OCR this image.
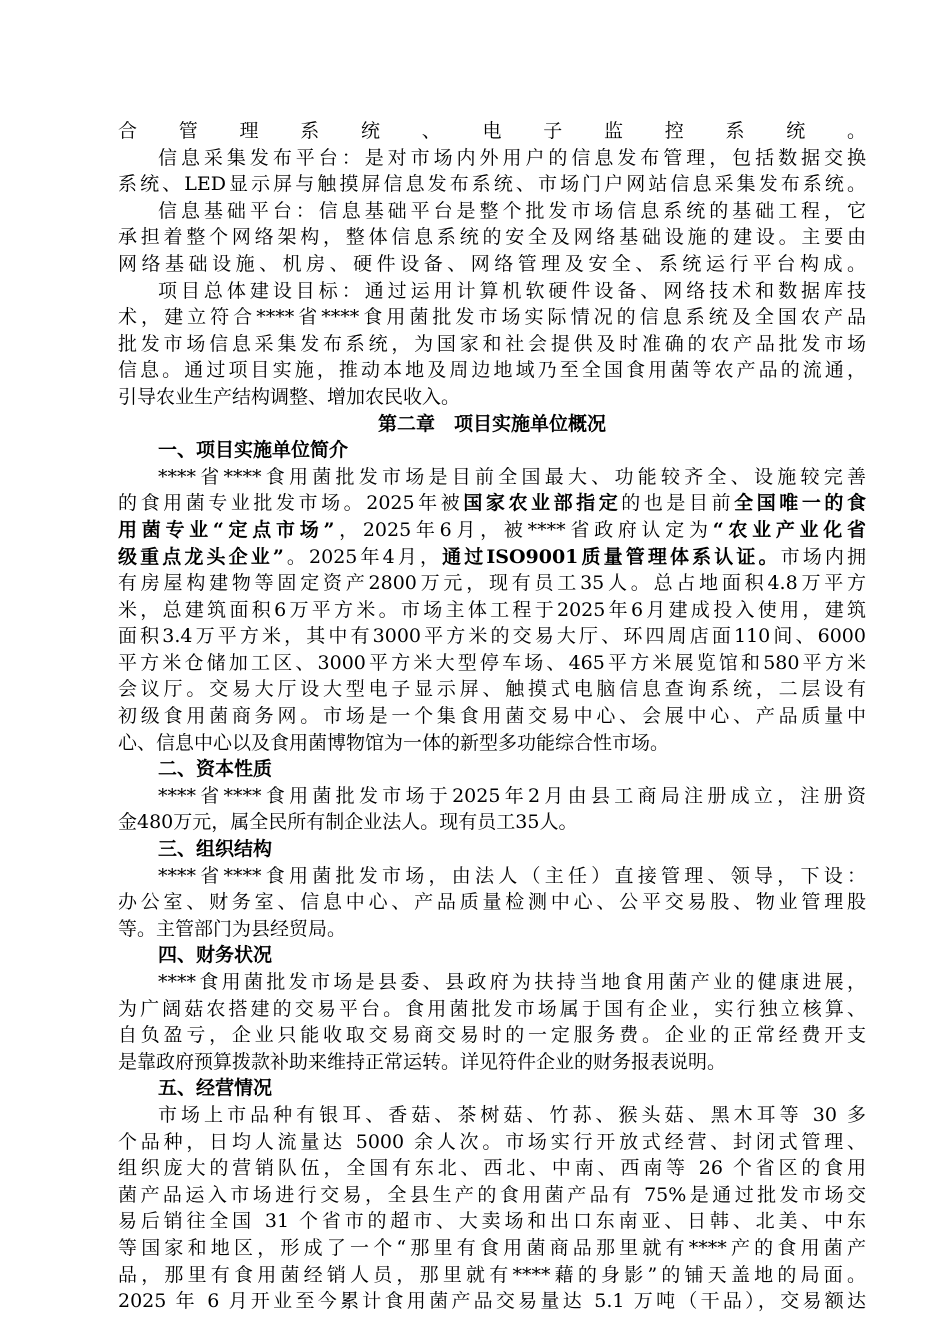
合管理系统、电子监控系统。
信息采集发布平台：是对市场内外用户的信息发布管理，包括数据交换
系统、LED显示屏与触摸屏信息发布系统、市场门户网站信息采集发布系统。
信息基础平台：信息基础平台是整个批发市场信息系统的基础工程，它
承担着整个网络架构，整体信息系统的安全及网络基础设施的建设。主要由
网络基础设施、机房、硬件设备、网络管理及安全、系统运行平台构成。
项目总体建设目标：通过运用计算机软硬件设备、网络技术和数据库技
术，建立符合****省****食用菌批发市场实际情况的信息系统及全国农产品
批发市场信息采集发布系统，为国家和社会提供及时准确的农产品批发市场
信息。通过项目实施，推动本地及周边地域乃至全国食用菌等农产品的流通，
引导农业生产结构调整、增加农民收入。
第二章　项目实施单位概况
一、项目实施单位简介
****省****食用菌批发市场是目前全国最大、功能较齐全、设施较完善
的食用菌专业批发市场。2025年被国家农业部指定的也是目前全国唯一的食
用菌专业“定点市场”，2025年6月，被****省政府认定为“农业产业化省
级重点龙头企业”。2025年4月，通过ISO9001质量管理体系认证。市场内拥
有房屋构建物等固定资产2800万元，现有员工35人。总占地面积4.8万平方
米，总建筑面积6万平方米。市场主体工程于2025年6月建成投入使用，建筑
面积3.4万平方米，其中有3000平方米的交易大厅、环四周店面110间、6000
平方米仓储加工区、3000平方米大型停车场、465平方米展览馆和580平方米
会议厅。交易大厅设大型电子显示屏、触摸式电脑信息查询系统，二层设有
初级食用菌商务网。市场是一个集食用菌交易中心、会展中心、产品质量中
心、信息中心以及食用菌博物馆为一体的新型多功能综合性市场。
二、资本性质
****省****食用菌批发市场于2025年2月由县工商局注册成立，注册资
金480万元，属全民所有制企业法人。现有员工35人。
三、组织结构
****省****食用菌批发市场，由法人（主任）直接管理、领导，下设：
办公室、财务室、信息中心、产品质量检测中心、公平交易股、物业管理股
等。主管部门为县经贸局。
四、财务状况
****食用菌批发市场是县委、县政府为扶持当地食用菌产业的健康进展，
为广阔菇农搭建的交易平台。食用菌批发市场属于国有企业，实行独立核算、
自负盈亏，企业只能收取交易商交易时的一定服务费。企业的正常经费开支
是靠政府预算拨款补助来维持正常运转。详见符件企业的财务报表说明。
五、经营情况
市场上市品种有银耳、香菇、茶树菇、竹荪、猴头菇、黑木耳等 30 多
个品种，日均人流量达 5000 余人次。市场实行开放式经营、封闭式管理、
组织庞大的营销队伍，全国有东北、西北、中南、西南等 26 个省区的食用
菌产品运入市场进行交易，全县生产的食用菌产品有 75%是通过批发市场交
易后销往全国 31 个省市的超市、大卖场和出口东南亚、日韩、北美、中东
等国家和地区，形成了一个“那里有食用菌商品那里就有****产的食用菌产
品，那里有食用菌经销人员，那里就有****藉的身影”的铺天盖地的局面。
2025 年 6 月开业至今累计食用菌产品交易量达 5.1 万吨（干品），交易额达
